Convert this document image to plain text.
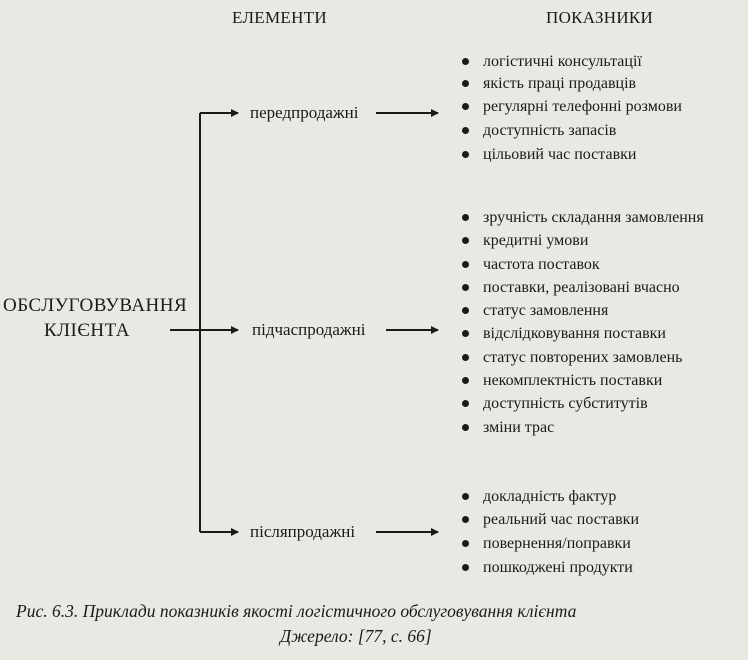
ЕЛЕМЕНТИ	ПОКАЗНИКИ
ОБСЛУГОВУВАННЯ
КЛІЄНТА
передпродажні
підчаспродажні
післяпродажні
логістичні консультації
якість праці продавців
регулярні телефонні розмови
доступність запасів
цільовий час поставки
зручність складання замовлення
кредитні умови
частота поставок
поставки, реалізовані вчасно
статус замовлення
відслідковування поставки
статус повторених замовлень
некомплектність поставки
доступність субститутів
зміни трас
докладність фактур
реальний час поставки
повернення/поправки
пошкоджені продукти
Рис. 6.3. Приклади показників якості логістичного обслуговування клієнта
Джерело: [77, с. 66]
